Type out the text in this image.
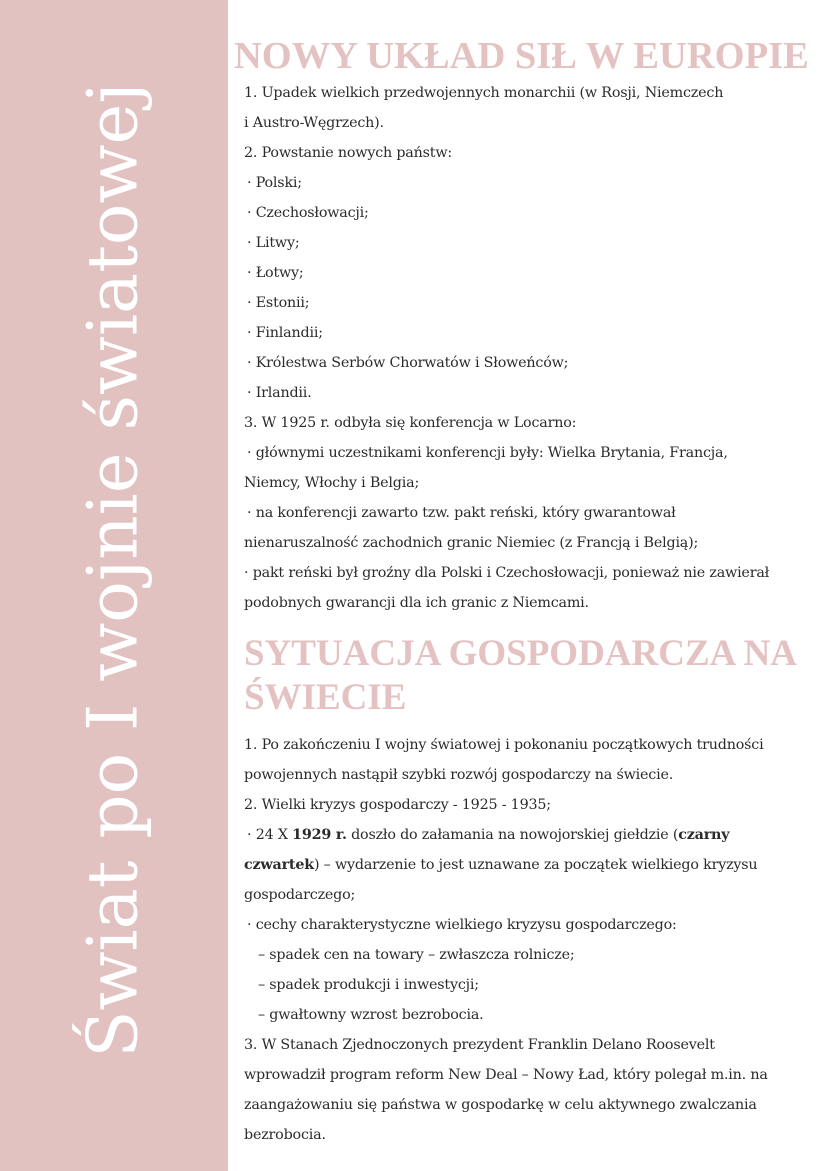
Świat po I wojnie światowej
NOWY UKŁAD SIŁ W EUROPIE
1. Upadek wielkich przedwojennych monarchii (w Rosji, Niemczech
i Austro-Węgrzech).
2. Powstanie nowych państw:
· Polski;
· Czechosłowacji;
· Litwy;
· Łotwy;
· Estonii;
· Finlandii;
· Królestwa Serbów Chorwatów i Słoweńców;
· Irlandii.
3. W 1925 r. odbyła się konferencja w Locarno:
· głównymi uczestnikami konferencji były: Wielka Brytania, Francja,
Niemcy, Włochy i Belgia;
· na konferencji zawarto tzw. pakt reński, który gwarantował
nienaruszalność zachodnich granic Niemiec (z Francją i Belgią);
· pakt reński był groźny dla Polski i Czechosłowacji, ponieważ nie zawierał
podobnych gwarancji dla ich granic z Niemcami.
SYTUACJA GOSPODARCZA NA
ŚWIECIE
1. Po zakończeniu I wojny światowej i pokonaniu początkowych trudności
powojennych nastąpił szybki rozwój gospodarczy na świecie.
2. Wielki kryzys gospodarczy - 1925 - 1935;
· 24 X 1929 r. doszło do załamania na nowojorskiej giełdzie (czarny
czwartek) – wydarzenie to jest uznawane za początek wielkiego kryzysu
gospodarczego;
· cechy charakterystyczne wielkiego kryzysu gospodarczego:
– spadek cen na towary – zwłaszcza rolnicze;
– spadek produkcji i inwestycji;
– gwałtowny wzrost bezrobocia.
3. W Stanach Zjednoczonych prezydent Franklin Delano Roosevelt
wprowadził program reform New Deal – Nowy Ład, który polegał m.in. na
zaangażowaniu się państwa w gospodarkę w celu aktywnego zwalczania
bezrobocia.
